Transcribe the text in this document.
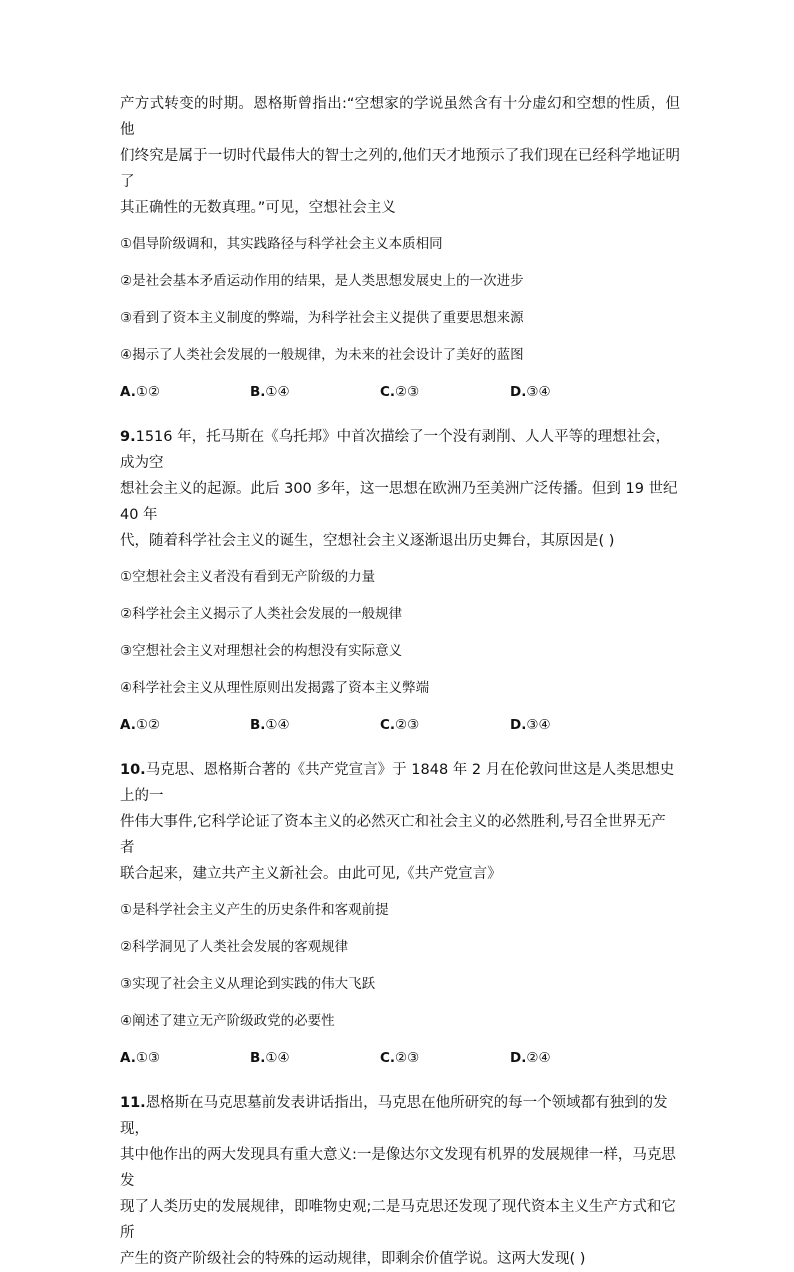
产方式转变的时期。恩格斯曾指出:“空想家的学说虽然含有十分虚幻和空想的性质，但他

们终究是属于一切时代最伟大的智士之列的,他们天才地预示了我们现在已经科学地证明了

其正确性的无数真理。”可见，空想社会主义

①倡导阶级调和，其实践路径与科学社会主义本质相同

②是社会基本矛盾运动作用的结果，是人类思想发展史上的一次进步

③看到了资本主义制度的弊端，为科学社会主义提供了重要思想来源

④揭示了人类社会发展的一般规律，为未来的社会设计了美好的蓝图

A.①②	B.①④	C.②③	D.③④

9.1516 年，托马斯在《乌托邦》中首次描绘了一个没有剥削、人人平等的理想社会，成为空

想社会主义的起源。此后 300 多年，这一思想在欧洲乃至美洲广泛传播。但到 19 世纪 40 年

代，随着科学社会主义的诞生，空想社会主义逐渐退出历史舞台，其原因是( )

①空想社会主义者没有看到无产阶级的力量

②科学社会主义揭示了人类社会发展的一般规律

③空想社会主义对理想社会的构想没有实际意义

④科学社会主义从理性原则出发揭露了资本主义弊端

A.①②	B.①④	C.②③	D.③④

10.马克思、恩格斯合著的《共产党宣言》于 1848 年 2 月在伦敦问世这是人类思想史上的一

件伟大事件,它科学论证了资本主义的必然灭亡和社会主义的必然胜利,号召全世界无产者

联合起来，建立共产主义新社会。由此可见,《共产党宣言》

①是科学社会主义产生的历史条件和客观前提

②科学洞见了人类社会发展的客观规律

③实现了社会主义从理论到实践的伟大飞跃

④阐述了建立无产阶级政党的必要性

A.①③	B.①④	C.②③	D.②④

11.恩格斯在马克思墓前发表讲话指出，马克思在他所研究的每一个领域都有独到的发现，

其中他作出的两大发现具有重大意义:一是像达尔文发现有机界的发展规律一样，马克思发

现了人类历史的发展规律，即唯物史观;二是马克思还发现了现代资本主义生产方式和它所

产生的资产阶级社会的特殊的运动规律，即剩余价值学说。这两大发现( )
